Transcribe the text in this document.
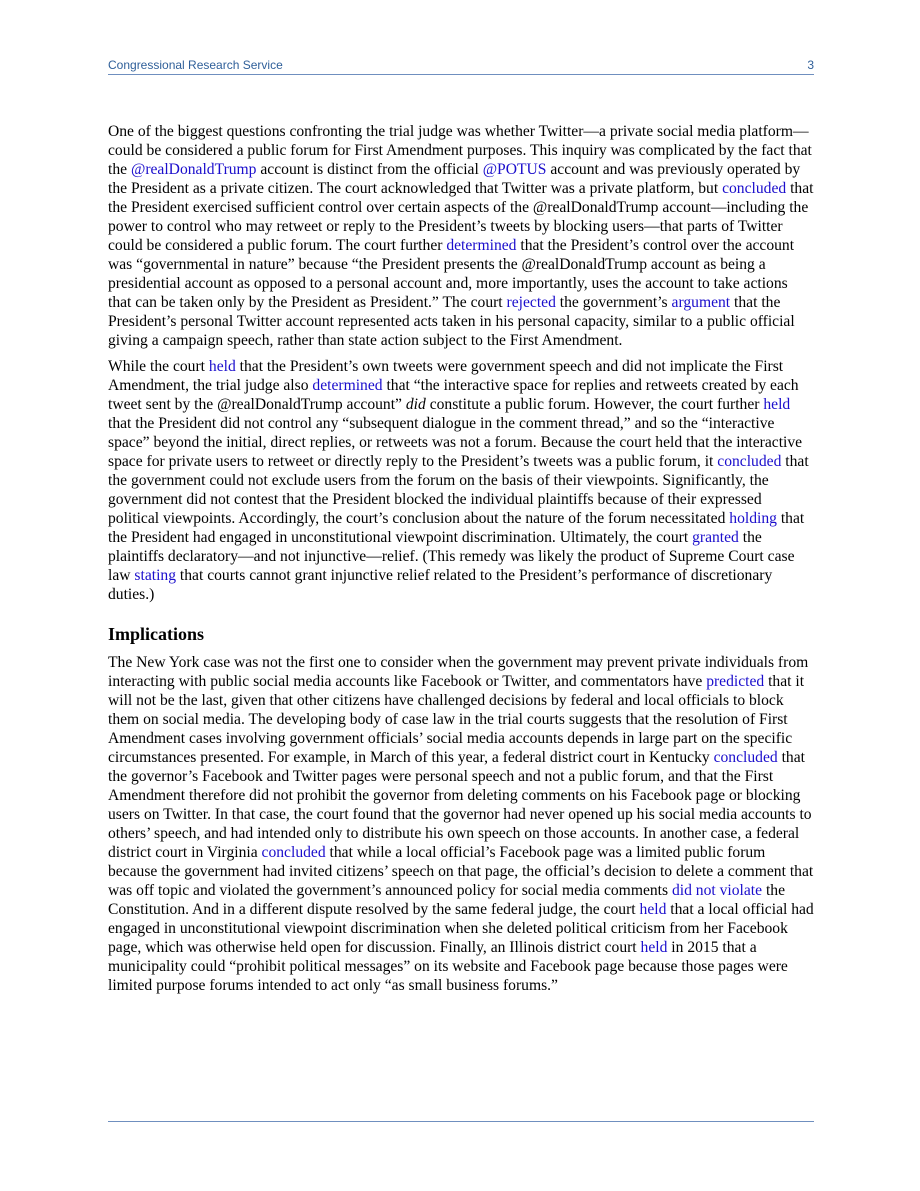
Congressional Research Service	3

One of the biggest questions confronting the trial judge was whether Twitter—a private social media platform—could be considered a public forum for First Amendment purposes. This inquiry was complicated by the fact that the @realDonaldTrump account is distinct from the official @POTUS account and was previously operated by the President as a private citizen. The court acknowledged that Twitter was a private platform, but concluded that the President exercised sufficient control over certain aspects of the @realDonaldTrump account—including the power to control who may retweet or reply to the President’s tweets by blocking users—that parts of Twitter could be considered a public forum. The court further determined that the President’s control over the account was “governmental in nature” because “the President presents the @realDonaldTrump account as being a presidential account as opposed to a personal account and, more importantly, uses the account to take actions that can be taken only by the President as President.” The court rejected the government’s argument that the President’s personal Twitter account represented acts taken in his personal capacity, similar to a public official giving a campaign speech, rather than state action subject to the First Amendment.

While the court held that the President’s own tweets were government speech and did not implicate the First Amendment, the trial judge also determined that “the interactive space for replies and retweets created by each tweet sent by the @realDonaldTrump account” did constitute a public forum. However, the court further held that the President did not control any “subsequent dialogue in the comment thread,” and so the “interactive space” beyond the initial, direct replies, or retweets was not a forum. Because the court held that the interactive space for private users to retweet or directly reply to the President’s tweets was a public forum, it concluded that the government could not exclude users from the forum on the basis of their viewpoints. Significantly, the government did not contest that the President blocked the individual plaintiffs because of their expressed political viewpoints. Accordingly, the court’s conclusion about the nature of the forum necessitated holding that the President had engaged in unconstitutional viewpoint discrimination. Ultimately, the court granted the plaintiffs declaratory—and not injunctive—relief. (This remedy was likely the product of Supreme Court case law stating that courts cannot grant injunctive relief related to the President’s performance of discretionary duties.)

Implications

The New York case was not the first one to consider when the government may prevent private individuals from interacting with public social media accounts like Facebook or Twitter, and commentators have predicted that it will not be the last, given that other citizens have challenged decisions by federal and local officials to block them on social media. The developing body of case law in the trial courts suggests that the resolution of First Amendment cases involving government officials’ social media accounts depends in large part on the specific circumstances presented. For example, in March of this year, a federal district court in Kentucky concluded that the governor’s Facebook and Twitter pages were personal speech and not a public forum, and that the First Amendment therefore did not prohibit the governor from deleting comments on his Facebook page or blocking users on Twitter. In that case, the court found that the governor had never opened up his social media accounts to others’ speech, and had intended only to distribute his own speech on those accounts. In another case, a federal district court in Virginia concluded that while a local official’s Facebook page was a limited public forum because the government had invited citizens’ speech on that page, the official’s decision to delete a comment that was off topic and violated the government’s announced policy for social media comments did not violate the Constitution. And in a different dispute resolved by the same federal judge, the court held that a local official had engaged in unconstitutional viewpoint discrimination when she deleted political criticism from her Facebook page, which was otherwise held open for discussion. Finally, an Illinois district court held in 2015 that a municipality could “prohibit political messages” on its website and Facebook page because those pages were limited purpose forums intended to act only “as small business forums.”
